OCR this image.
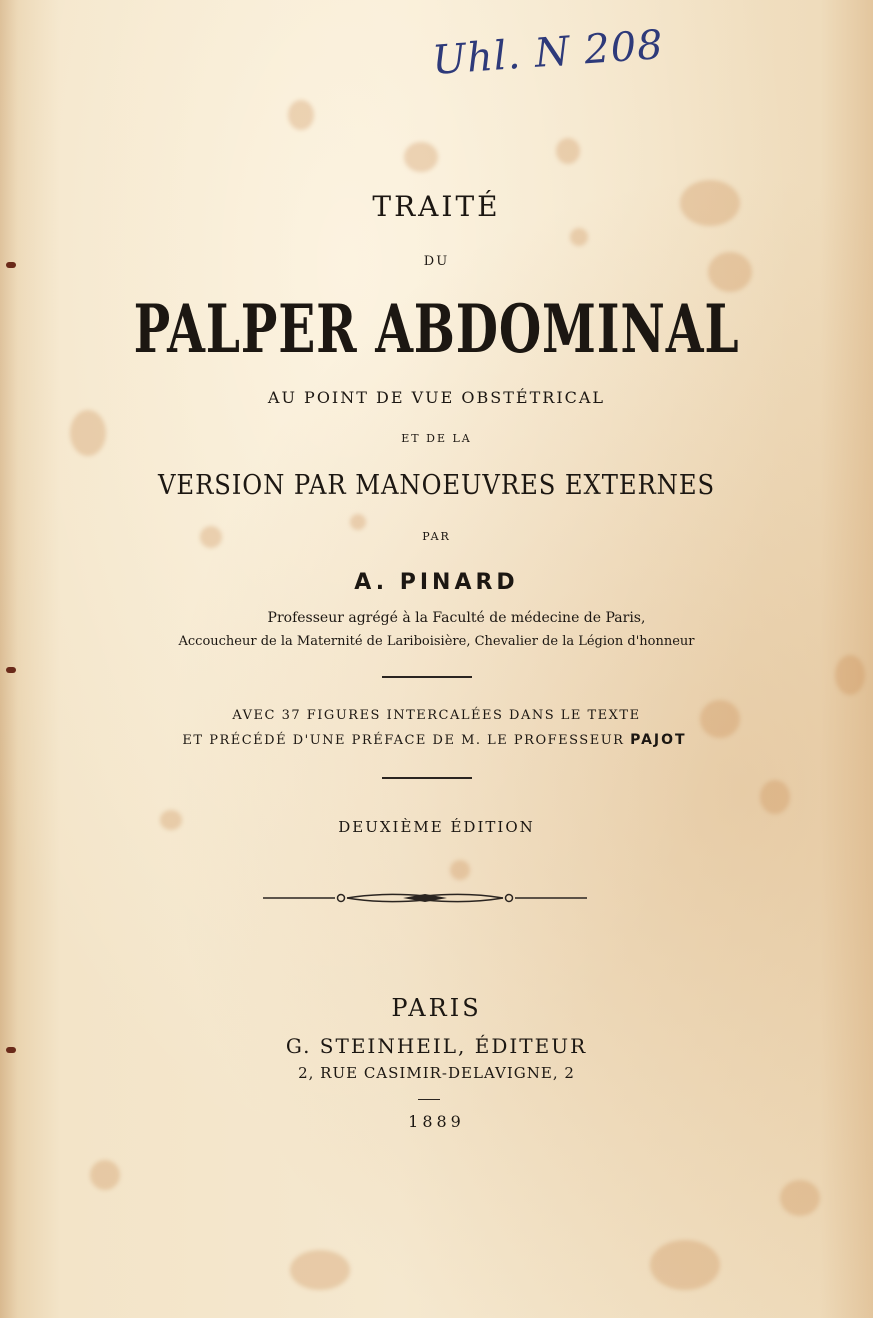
Uhl. N 208
TRAITÉ
DU
PALPER ABDOMINAL
AU POINT DE VUE OBSTÉTRICAL
ET DE LA
VERSION PAR MANOEUVRES EXTERNES
PAR
A. PINARD
Professeur agrégé à la Faculté de médecine de Paris,
Accoucheur de la Maternité de Lariboisière, Chevalier de la Légion d'honneur
AVEC 37 FIGURES INTERCALÉES DANS LE TEXTE
ET PRÉCÉDÉ D'UNE PRÉFACE DE M. LE PROFESSEUR PAJOT
DEUXIÈME ÉDITION
PARIS
G. STEINHEIL, ÉDITEUR
2, RUE CASIMIR-DELAVIGNE, 2
1889
